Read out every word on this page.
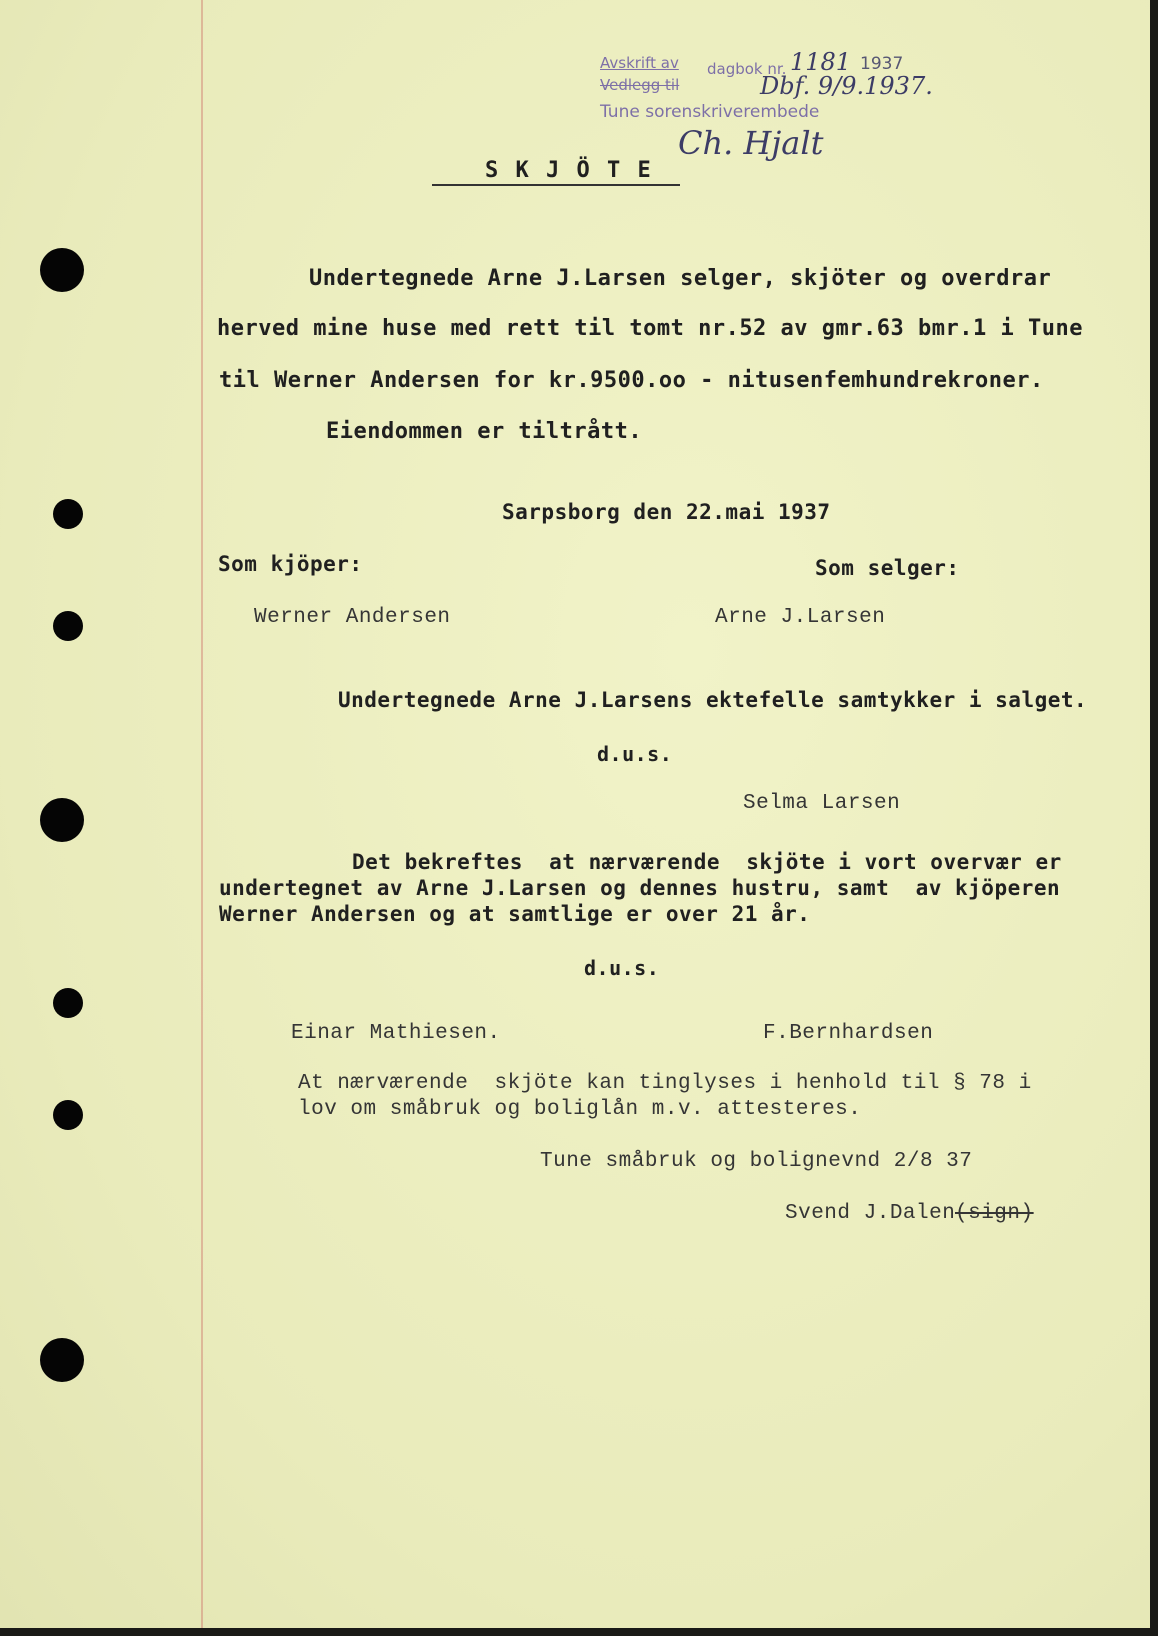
Avskrift av dagbok nr. 1181 1937
Vedlegg til	Dbf. 9/9.1937.
Tune sorenskriverembede
Ch. Hjalt
S K J Ö T E
Undertegnede Arne J.Larsen selger, skjöter og overdrar
herved mine huse med rett til tomt nr.52 av gmr.63 bmr.1 i Tune
til Werner Andersen for kr.9500.oo - nitusenfemhundrekroner.
Eiendommen er tiltrått.
Sarpsborg den 22.mai 1937
Som kjöper:	Som selger:
Werner Andersen	Arne J.Larsen
Undertegnede Arne J.Larsens ektefelle samtykker i salget.
d.u.s.
Selma Larsen
Det bekreftes  at nærværende  skjöte i vort overvær er
undertegnet av Arne J.Larsen og dennes hustru, samt  av kjöperen
Werner Andersen og at samtlige er over 21 år.
d.u.s.
Einar Mathiesen.	F.Bernhardsen
At nærværende  skjöte kan tinglyses i henhold til § 78 i
lov om småbruk og boliglån m.v. attesteres.
Tune småbruk og bolignevnd 2/8 37
Svend J.Dalen (sign)
